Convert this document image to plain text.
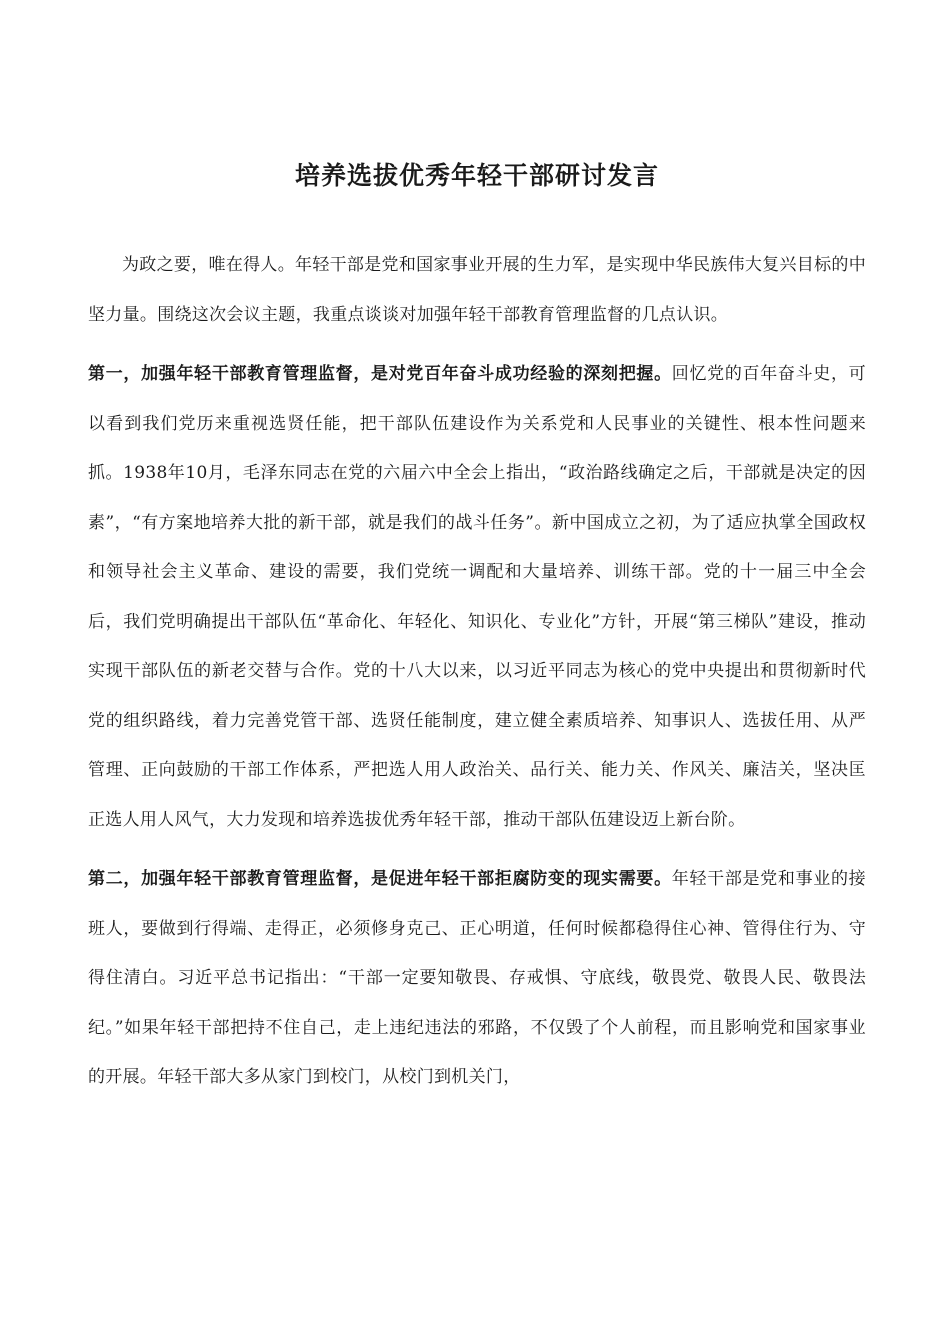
培养选拔优秀年轻干部研讨发言

为政之要，唯在得人。年轻干部是党和国家事业开展的生力军，是实现中华民族伟大复兴目标的中坚力量。围绕这次会议主题，我重点谈谈对加强年轻干部教育管理监督的几点认识。

第一，加强年轻干部教育管理监督，是对党百年奋斗成功经验的深刻把握。回忆党的百年奋斗史，可以看到我们党历来重视选贤任能，把干部队伍建设作为关系党和人民事业的关键性、根本性问题来抓。1938年10月，毛泽东同志在党的六届六中全会上指出，“政治路线确定之后，干部就是决定的因素”，“有方案地培养大批的新干部，就是我们的战斗任务”。新中国成立之初，为了适应执掌全国政权和领导社会主义革命、建设的需要，我们党统一调配和大量培养、训练干部。党的十一届三中全会后，我们党明确提出干部队伍“革命化、年轻化、知识化、专业化”方针，开展“第三梯队”建设，推动实现干部队伍的新老交替与合作。党的十八大以来，以习近平同志为核心的党中央提出和贯彻新时代党的组织路线，着力完善党管干部、选贤任能制度，建立健全素质培养、知事识人、选拔任用、从严管理、正向鼓励的干部工作体系，严把选人用人政治关、品行关、能力关、作风关、廉洁关，坚决匡正选人用人风气，大力发现和培养选拔优秀年轻干部，推动干部队伍建设迈上新台阶。

第二，加强年轻干部教育管理监督，是促进年轻干部拒腐防变的现实需要。年轻干部是党和事业的接班人，要做到行得端、走得正，必须修身克己、正心明道，任何时候都稳得住心神、管得住行为、守得住清白。习近平总书记指出：“干部一定要知敬畏、存戒惧、守底线，敬畏党、敬畏人民、敬畏法纪。”如果年轻干部把持不住自己，走上违纪违法的邪路，不仅毁了个人前程，而且影响党和国家事业的开展。年轻干部大多从家门到校门，从校门到机关门，
